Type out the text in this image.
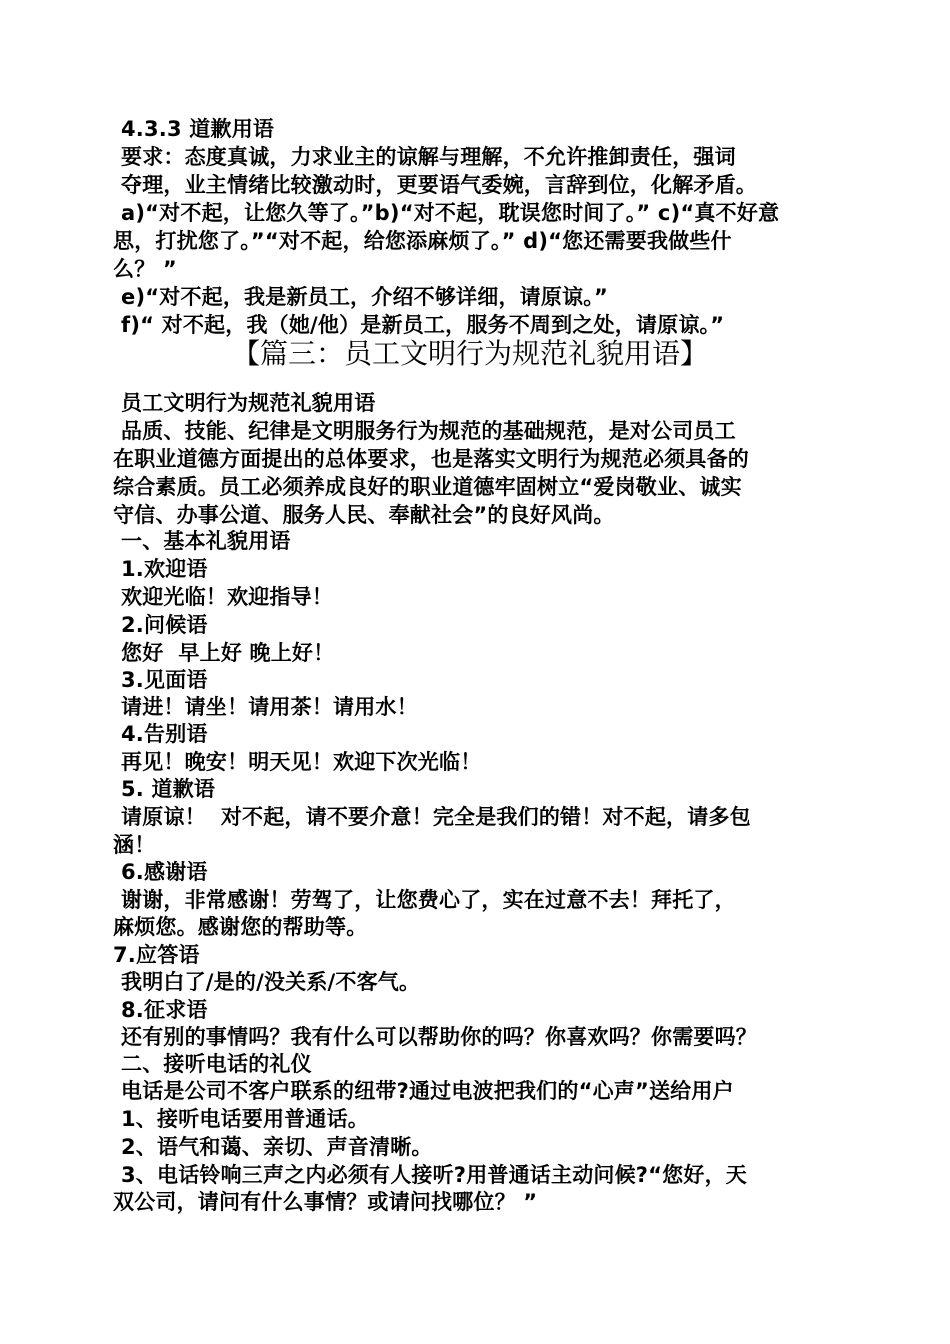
4.3.3 道歉用语
要求：态度真诚，力求业主的谅解与理解，不允许推卸责任，强词
夺理，业主情绪比较激动时，更要语气委婉，言辞到位，化解矛盾。
a)“对不起，让您久等了。”b)“对不起，耽误您时间了。” c)“真不好意
思，打扰您了。”“对不起，给您添麻烦了。” d)“您还需要我做些什
么？ ”
e)“对不起，我是新员工，介绍不够详细，请原谅。”
f)“ 对不起，我（她/他）是新员工，服务不周到之处，请原谅。”
【篇三：员工文明行为规范礼貌用语】
员工文明行为规范礼貌用语
品质、技能、纪律是文明服务行为规范的基础规范，是对公司员工
在职业道德方面提出的总体要求，也是落实文明行为规范必须具备的
综合素质。员工必须养成良好的职业道德牢固树立“爱岗敬业、诚实
守信、办事公道、服务人民、奉献社会”的良好风尚。
一、基本礼貌用语
1.欢迎语
欢迎光临！欢迎指导！
2.问候语
您好  早上好 晚上好！
3.见面语
请进！请坐！请用茶！请用水！
4.告别语
再见！晚安！明天见！欢迎下次光临！
5. 道歉语
请原谅！  对不起，请不要介意！完全是我们的错！对不起，请多包
涵！
6.感谢语
谢谢，非常感谢！劳驾了，让您费心了，实在过意不去！拜托了，
麻烦您。感谢您的帮助等。
7.应答语
我明白了/是的/没关系/不客气。
8.征求语
还有别的事情吗？我有什么可以帮助你的吗？你喜欢吗？你需要吗？
二、接听电话的礼仪
电话是公司不客户联系的纽带?通过电波把我们的“心声”送给用户
1、接听电话要用普通话。
2、语气和蔼、亲切、声音清晰。
3、电话铃响三声之内必须有人接听?用普通话主动问候?“您好，天
双公司，请问有什么事情？或请问找哪位？ ”
